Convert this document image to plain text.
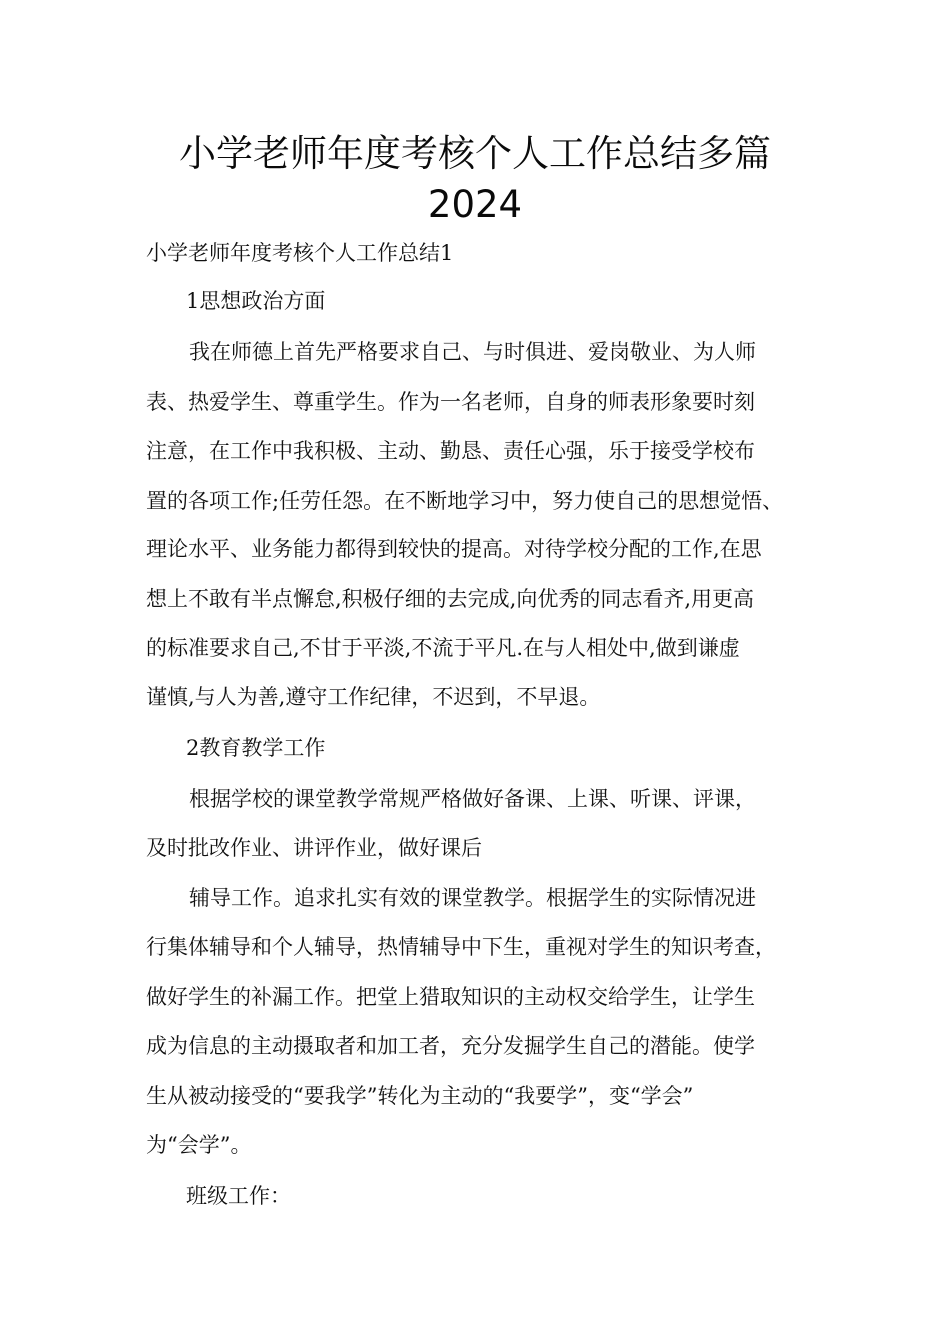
小学老师年度考核个人工作总结多篇
2024
小学老师年度考核个人工作总结1
1思想政治方面
我在师德上首先严格要求自己、与时俱进、爱岗敬业、为人师
表、热爱学生、尊重学生。作为一名老师，自身的师表形象要时刻
注意，在工作中我积极、主动、勤恳、责任心强，乐于接受学校布
置的各项工作;任劳任怨。在不断地学习中，努力使自己的思想觉悟、
理论水平、业务能力都得到较快的提高。对待学校分配的工作,在思
想上不敢有半点懈怠,积极仔细的去完成,向优秀的同志看齐,用更高
的标准要求自己,不甘于平淡,不流于平凡.在与人相处中,做到谦虚
谨慎,与人为善,遵守工作纪律，不迟到，不早退。
2教育教学工作
根据学校的课堂教学常规严格做好备课、上课、听课、评课，
及时批改作业、讲评作业，做好课后
辅导工作。追求扎实有效的课堂教学。根据学生的实际情况进
行集体辅导和个人辅导，热情辅导中下生，重视对学生的知识考查，
做好学生的补漏工作。把堂上猎取知识的主动权交给学生，让学生
成为信息的主动摄取者和加工者，充分发掘学生自己的潜能。使学
生从被动接受的“要我学”转化为主动的“我要学”，变“学会”
为“会学”。
班级工作：
